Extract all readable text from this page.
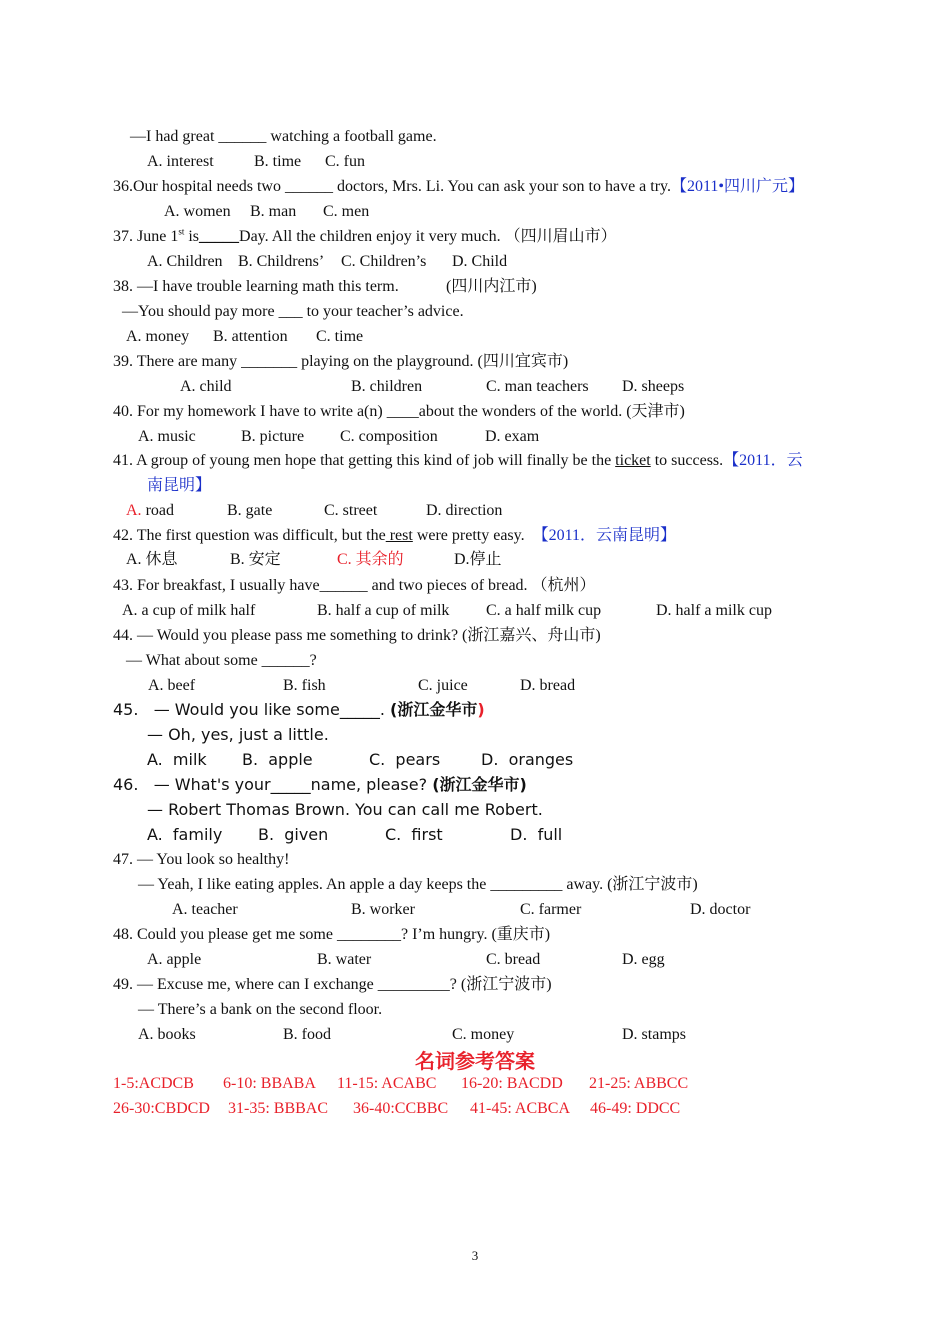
—I had great ______ watching a football game.
A. interest	B. time C. fun
36.Our hospital needs two ______ doctors, Mrs. Li. You can ask your son to have a try.【2011•四川广元】
A. women B. man C. men
37. June 1st is_____Day. All the children enjoy it very much. （四川眉山市）
A. Children B. Childrens’ C. Children’s D. Child
38. —I have trouble learning math this term.	(四川内江市)
—You should pay more ___ to your teacher’s advice.
A. money B. attention C. time
39. There are many _______ playing on the playground. (四川宜宾市)
A. child	B. children	C. man teachers D. sheeps
40. For my homework I have to write a(n) ____about the wonders of the world. (天津市)
A. music	B. picture C. composition	D. exam
41. A group of young men hope that getting this kind of job will finally be the ticket to success.【2011．云
南昆明】
A. road	B. gate	C. street	D. direction
42. The first question was difficult, but the rest were pretty easy. 【2011．云南昆明】
A. 休息	B. 安定	C. 其余的	D.停止
43. For breakfast, I usually have______ and two pieces of bread. （杭州）
A. a cup of milk half	B. half a cup of milk C. a half milk cup	D. half a milk cup
44. — Would you please pass me something to drink? (浙江嘉兴、舟山市)
— What about some ______?
A. beef	B. fish	C. juice	D. bread
45.   — Would you like some_____. (浙江金华市)
— Oh, yes, just a little.
A.  milk B.  apple	C.  pears	D.  oranges
46.   — What's your_____name, please? (浙江金华市)
— Robert Thomas Brown. You can call me Robert.
A.  family B.  given	C.  first	D.  full
47. — You look so healthy!
— Yeah, I like eating apples. An apple a day keeps the _________ away. (浙江宁波市)
A. teacher	B. worker	C. farmer	D. doctor
48. Could you please get me some ________? I’m hungry. (重庆市)
A. apple	B. water	C. bread	D. egg
49. — Excuse me, where can I exchange _________? (浙江宁波市)
— There’s a bank on the second floor.
A. books	B. food	C. money	D. stamps
名词参考答案
1-5:ACDCB 6-10: BBABA 11-15: ACABC 16-20: BACDD 21-25: ABBCC
26-30:CBDCD 31-35: BBBAC 36-40:CCBBC 41-45: ACBCA 46-49: DDCC
3
